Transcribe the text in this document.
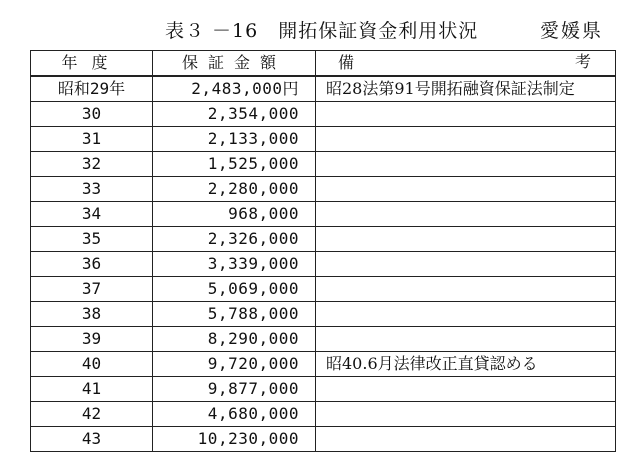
表３ －16　開拓保証資金利用状況	愛媛県
年度	保証金額	備 考

昭和29年	2,483,000円	昭28法第91号開拓融資保証法制定
30	2,354,000	
31	2,133,000	
32	1,525,000	
33	2,280,000	
34	968,000	
35	2,326,000	
36	3,339,000	
37	5,069,000	
38	5,788,000	
39	8,290,000	
40	9,720,000	昭40.6月法律改正直貸認める
41	9,877,000	
42	4,680,000	
43	10,230,000	
